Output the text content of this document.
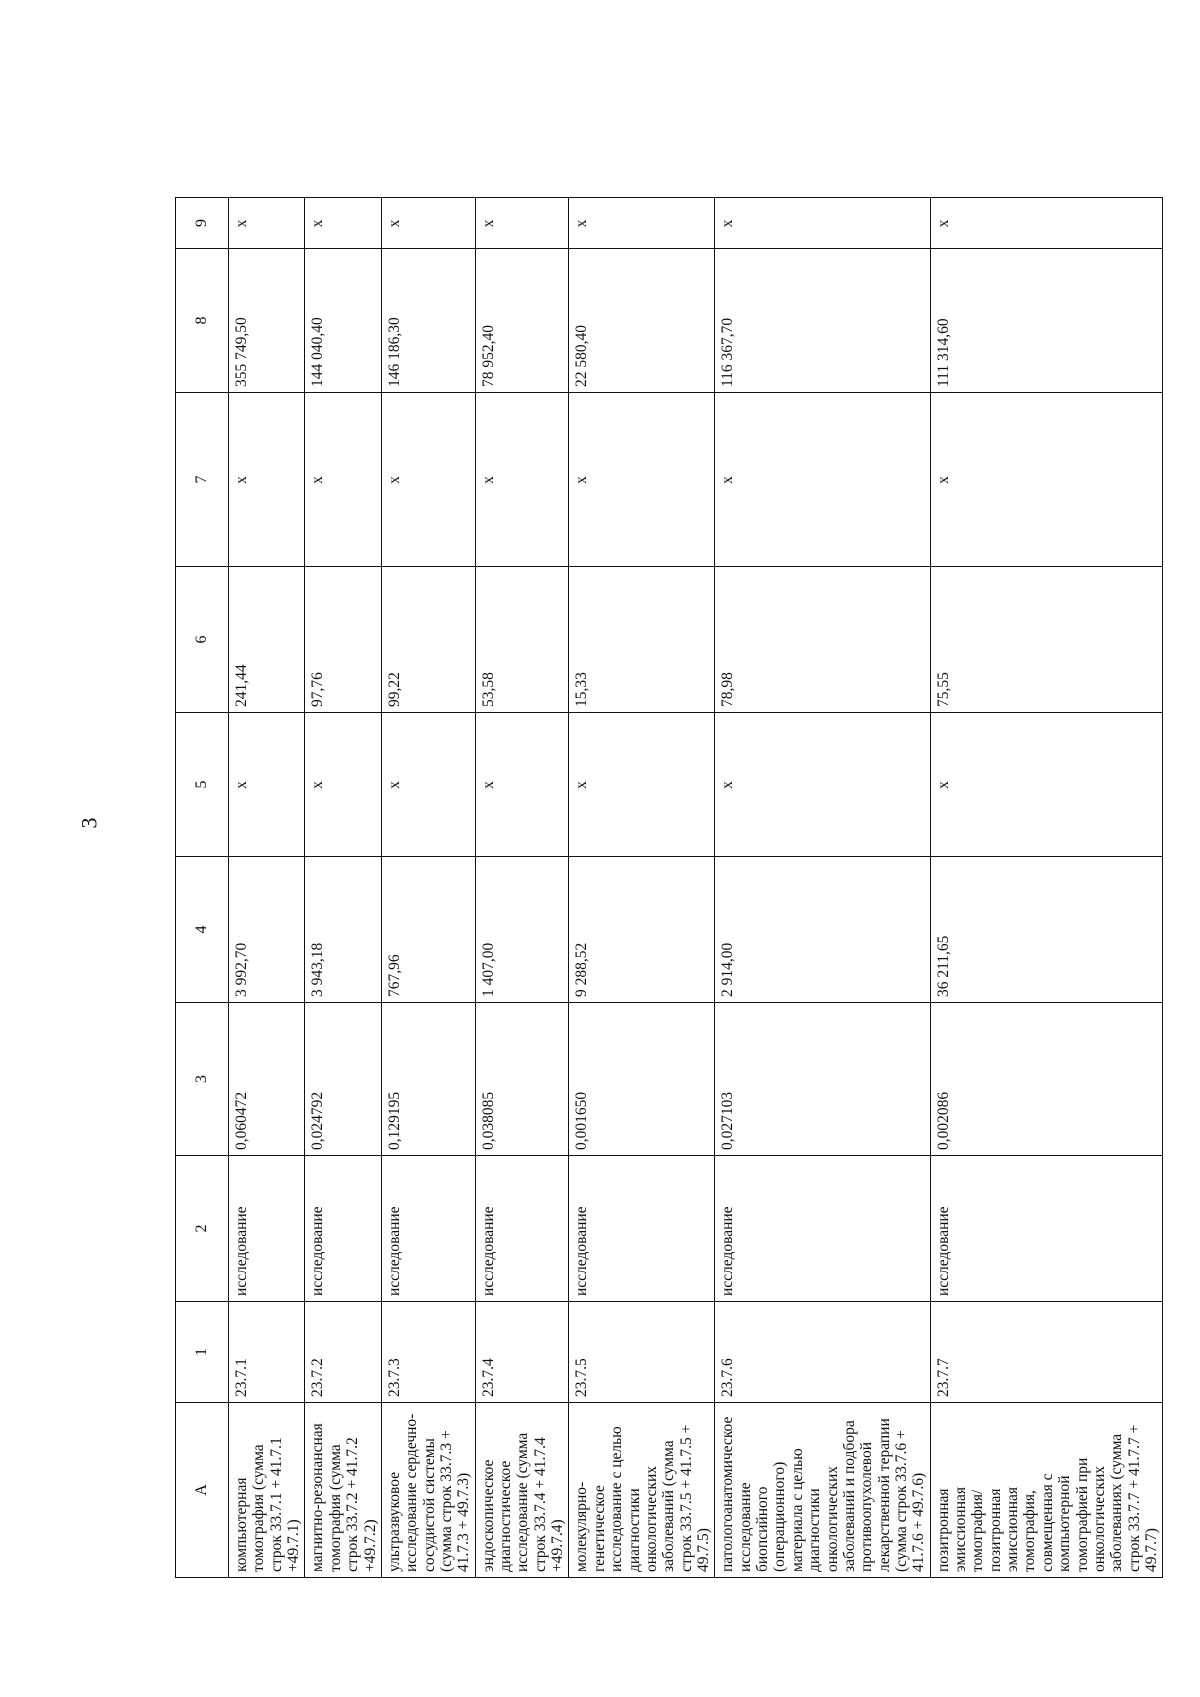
3
A	1	2	3	4	5	6	7	8	9
компьютерная томография (сумма строк 33.7.1 + 41.7.1 +49.7.1)	23.7.1	исследование	0,060472	3 992,70	х	241,44	х	355 749,50	х
магнитно-резонансная томография (сумма строк 33.7.2 + 41.7.2 +49.7.2)	23.7.2	исследование	0,024792	3 943,18	х	97,76	х	144 040,40	х
ультразвуковое исследование сердечно-сосудистой системы (сумма строк 33.7.3 + 41.7.3 + 49.7.3)	23.7.3	исследование	0,129195	767,96	х	99,22	х	146 186,30	х
эндоскопическое диагностическое исследование (сумма строк 33.7.4 + 41.7.4 +49.7.4)	23.7.4	исследование	0,038085	1 407,00	х	53,58	х	78 952,40	х
молекулярно-генетическое исследование с целью диагностики онкологических заболеваний (сумма строк 33.7.5 + 41.7.5 + 49.7.5)	23.7.5	исследование	0,001650	9 288,52	х	15,33	х	22 580,40	х
патологоанатомическое исследование биопсийного (операционного) материала с целью диагностики онкологических заболеваний и подбора противоопухолевой лекарственной терапии (сумма строк 33.7.6 + 41.7.6 + 49.7.6)	23.7.6	исследование	0,027103	2 914,00	х	78,98	х	116 367,70	х
позитронная эмиссионная томография/позитронная эмиссионная томография, совмещенная с компьютерной томографией при онкологических заболеваниях (сумма строк 33.7.7 + 41.7.7 + 49.7.7)	23.7.7	исследование	0,002086	36 211,65	х	75,55	х	111 314,60	х
